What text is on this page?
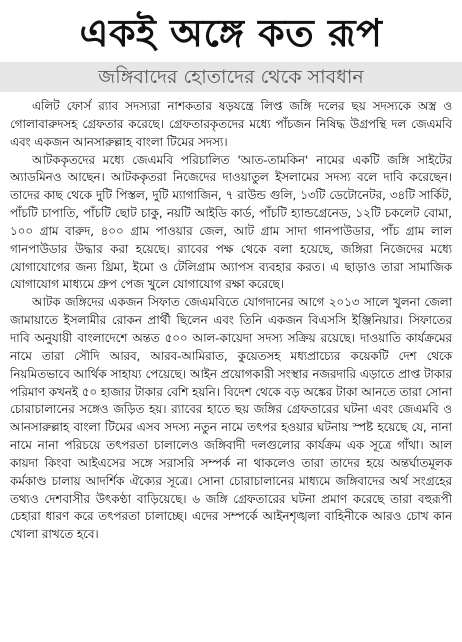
একই অঙ্গে কত রূপ
জঙ্গিবাদের হোতাদের থেকে সাবধান

এলিট ফোর্স র‌্যাব সদস্যরা নাশকতার ষড়যন্ত্রে লিপ্ত জঙ্গি দলের ছয় সদস্যকে অস্ত্র ও গোলাবারুদসহ গ্রেফতার করেছে। গ্রেফতারকৃতদের মধ্যে পাঁচজন নিষিদ্ধ উগ্রপন্থি দল জেএমবি এবং একজন আনসারুল্লাহ বাংলা টিমের সদস্য।

আটককৃতদের মধ্যে জেএমবি পরিচালিত 'আত-তামকিন' নামের একটি জঙ্গি সাইটের অ্যাডমিনও আছেন। আটককৃতরা নিজেদের দাওয়াতুল ইসলামের সদস্য বলে দাবি করেছেন। তাদের কাছ থেকে দুটি পিস্তল, দুটি ম্যাগাজিন, ৭ রাউন্ড গুলি, ১৩টি ডেটোনেটর, ৩৪টি সার্কিট, পাঁচটি চাপাতি, পাঁচটি ছোট চাকু, নয়টি আইডি কার্ড, পাঁচটি হ্যান্ডগ্রেনেড, ১২টি চকলেট বোমা, ১০০ গ্রাম বারুদ, ৪০০ গ্রাম পাওয়ার জেল, আট গ্রাম সাদা গানপাউডার, পাঁচ গ্রাম লাল গানপাউডার উদ্ধার করা হয়েছে। র‌্যাবের পক্ষ থেকে বলা হয়েছে, জঙ্গিরা নিজেদের মধ্যে যোগাযোগের জন্য থ্রিমা, ইমো ও টেলিগ্রাম অ্যাপস ব্যবহার করত। এ ছাড়াও তারা সামাজিক যোগাযোগ মাধ্যমে গ্রুপ পেজ খুলে যোগাযোগ রক্ষা করেছে।

আটক জঙ্গিদের একজন সিফাত জেএমবিতে যোগদানের আগে ২০১৩ সালে খুলনা জেলা জামায়াতে ইসলামীর রোকন প্রার্থী ছিলেন এবং তিনি একজন বিএসসি ইঞ্জিনিয়ার। সিফাতের দাবি অনুযায়ী বাংলাদেশে অন্তত ৫০০ আল-কায়েদা সদস্য সক্রিয় রয়েছে। দাওয়াতি কার্যক্রমের নামে তারা সৌদি আরব, আরব-আমিরাত, কুয়েতসহ মধ্যপ্রাচ্যের কয়েকটি দেশ থেকে নিয়মিতভাবে আর্থিক সাহায্য পেয়েছে। আইন প্রয়োগকারী সংস্থার নজরদারি এড়াতে প্রাপ্ত টাকার পরিমাণ কখনই ৫০ হাজার টাকার বেশি হয়নি। বিদেশ থেকে বড় অঙ্কের টাকা আনতে তারা সোনা চোরাচালানের সঙ্গেও জড়িত হয়। র‌্যাবের হাতে ছয় জঙ্গির গ্রেফতারের ঘটনা এবং জেএমবি ও আনসারুল্লাহ বাংলা টিমের এসব সদস্য নতুন নামে তৎপর হওয়ার ঘটনায় স্পষ্ট হয়েছে যে, নানা নামে নানা পরিচয়ে তৎপরতা চালালেও জঙ্গিবাদী দলগুলোর কার্যক্রম এক সূত্রে গাঁথা। আল কায়দা কিংবা আইএসের সঙ্গে সরাসরি সম্পর্ক না থাকলেও তারা তাদের হয়ে অন্তর্ঘাতমূলক কর্মকাণ্ড চালায় আদর্শিক ঐক্যের সূত্রে। সোনা চোরাচালানের মাধ্যমে জঙ্গিবাদের অর্থ সংগ্রহের তথ্যও দেশবাসীর উৎকণ্ঠা বাড়িয়েছে। ৬ জঙ্গি গ্রেফতারের ঘটনা প্রমাণ করেছে তারা বহুরূপী চেহারা ধারণ করে তৎপরতা চালাচ্ছে। এদের সম্পর্কে আইনশৃঙ্খলা বাহিনীকে আরও চোখ কান খোলা রাখতে হবে।
